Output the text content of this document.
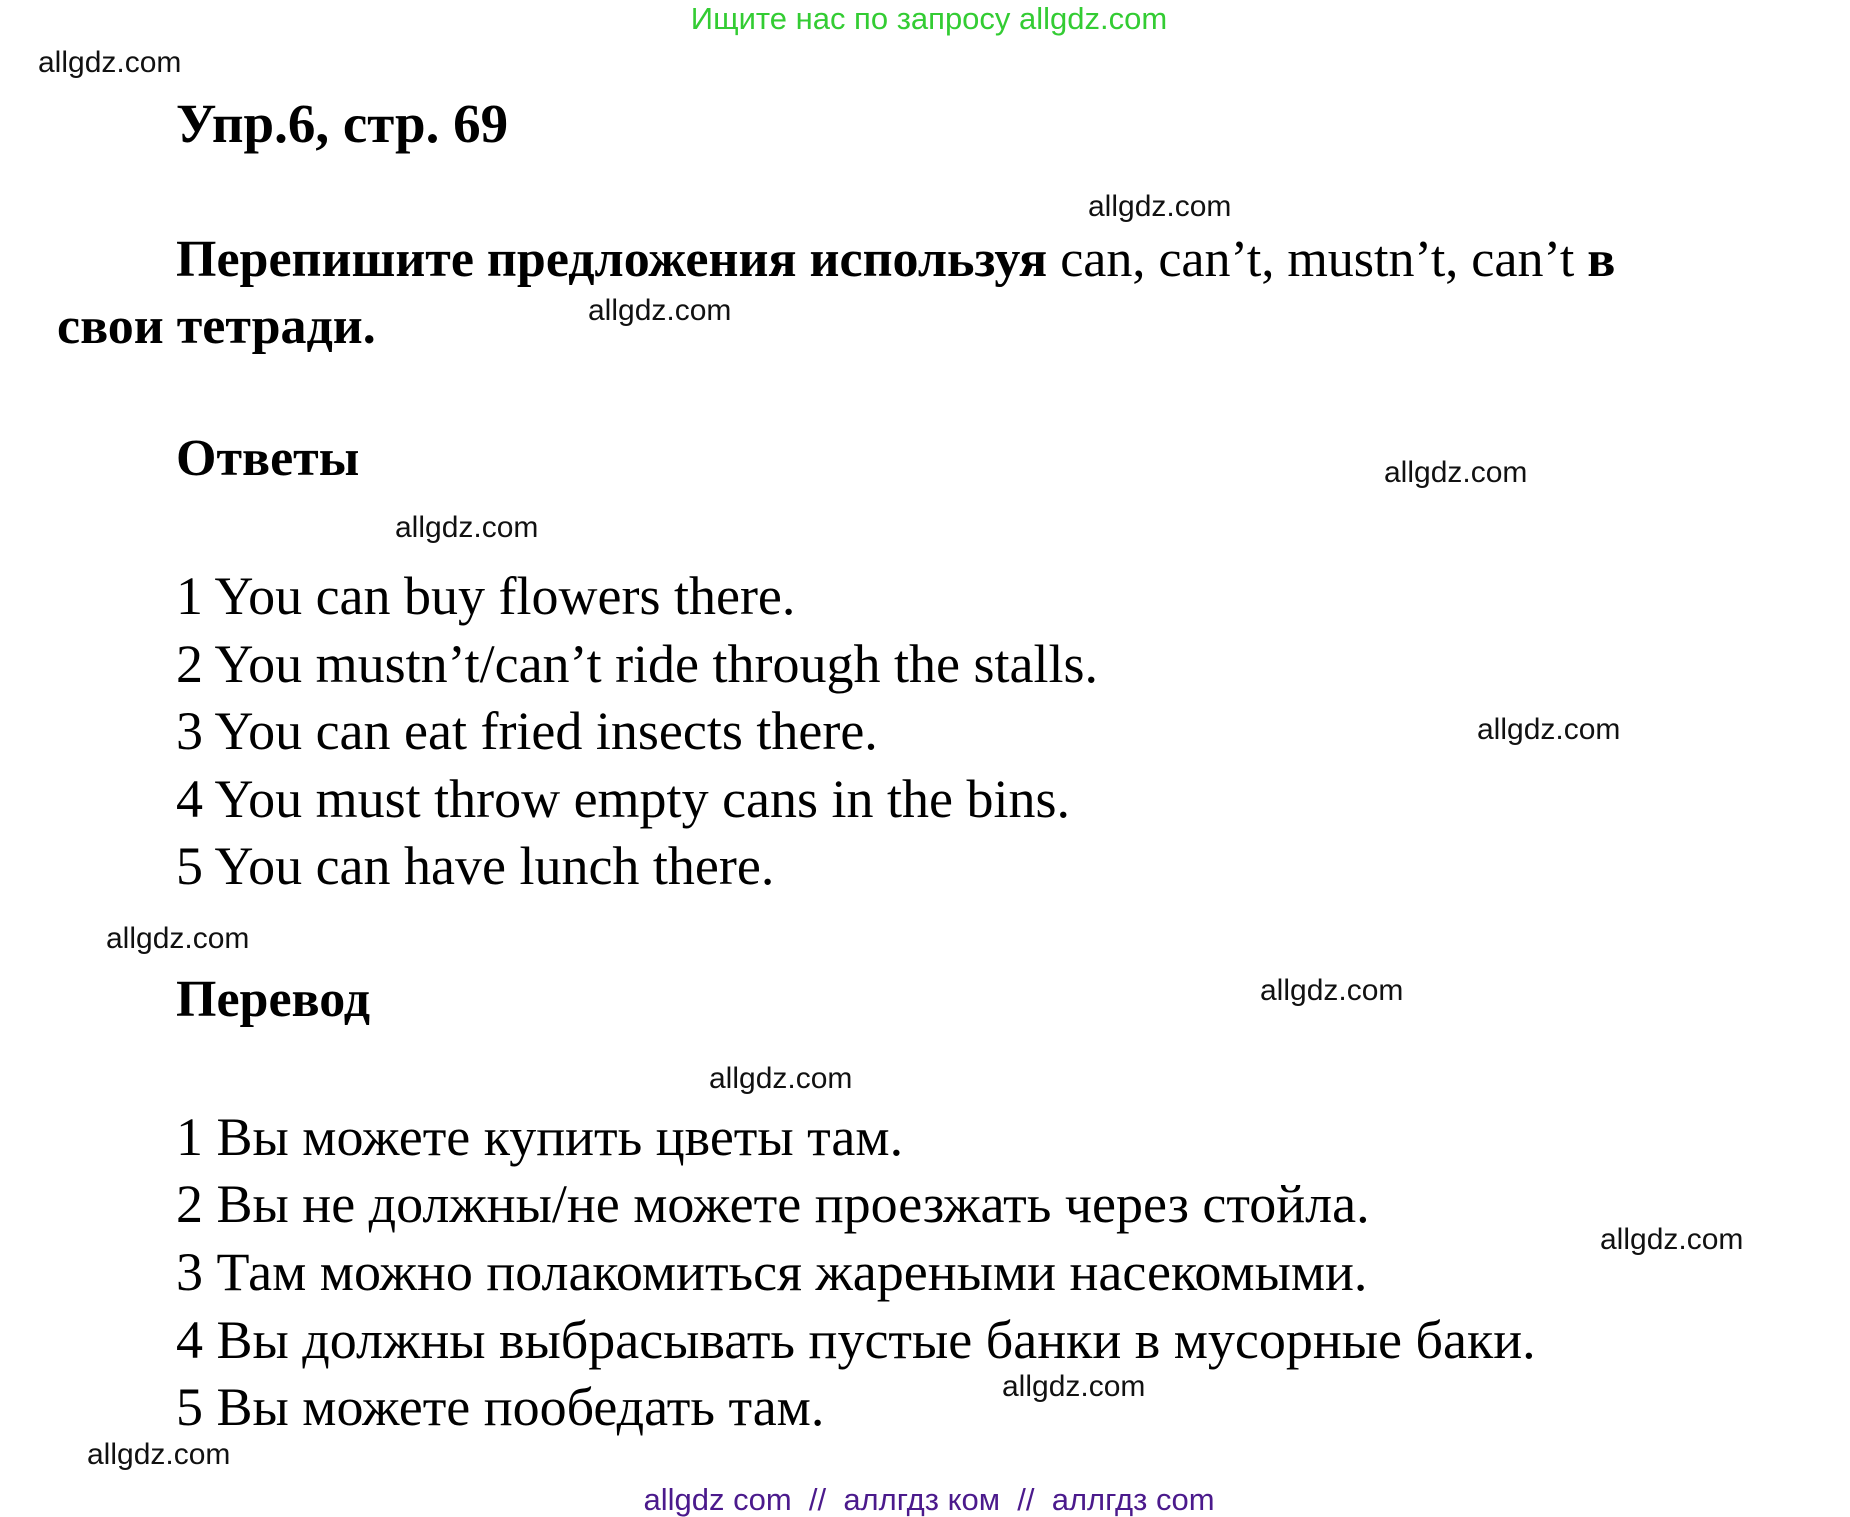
Ищите нас по запросу allgdz.com
Упр.6, стр. 69
Перепишите предложения используя can, can’t, mustn’t, can’t в
свои тетради.
Ответы
1 You can buy flowers there.
2 You mustn’t/can’t ride through the stalls.
3 You can eat fried insects there.
4 You must throw empty cans in the bins.
5 You can have lunch there.
Перевод
1 Вы можете купить цветы там.
2 Вы не должны/не можете проезжать через стойла.
3 Там можно полакомиться жареными насекомыми.
4 Вы должны выбрасывать пустые банки в мусорные баки.
5 Вы можете пообедать там.
allgdz.com
allgdz.com
allgdz.com
allgdz.com
allgdz.com
allgdz.com
allgdz.com
allgdz.com
allgdz.com
allgdz.com
allgdz.com
allgdz.com
allgdz com  //  аллгдз ком  //  аллгдз com
